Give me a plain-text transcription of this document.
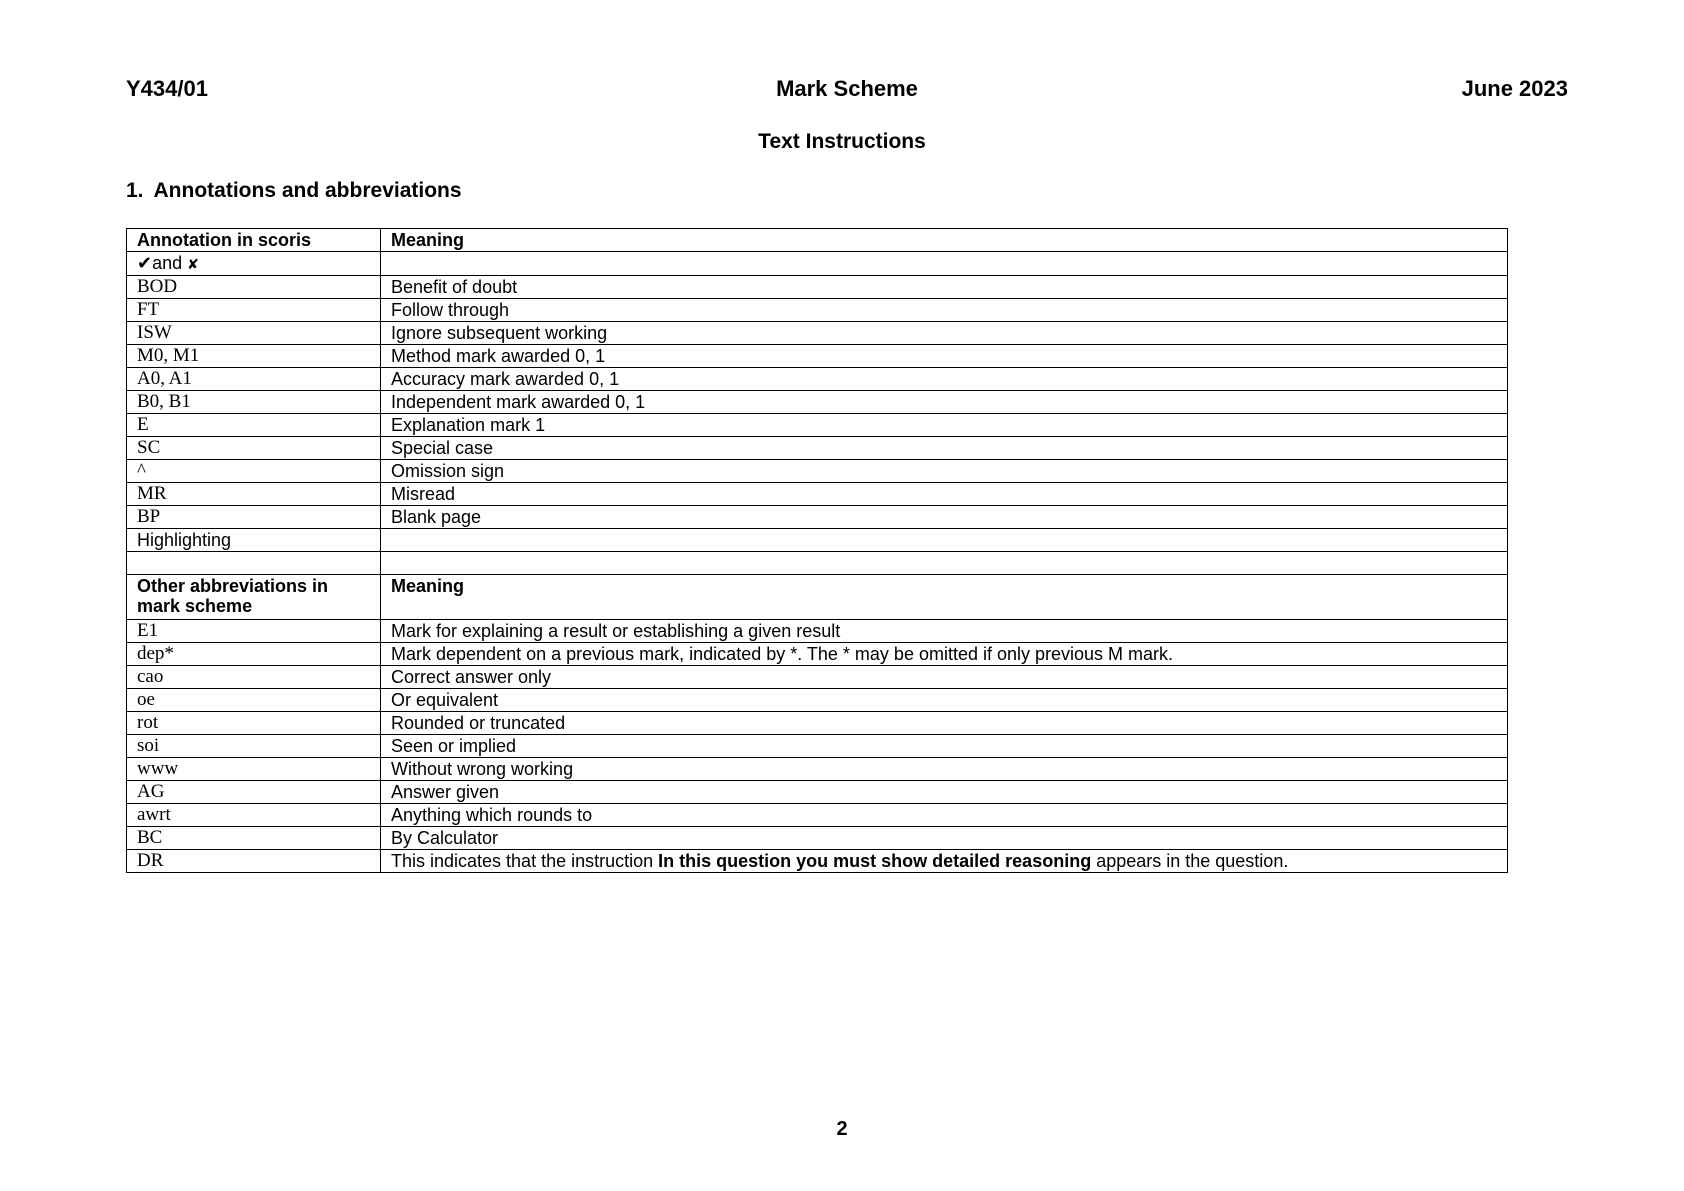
Y434/01	Mark Scheme	June 2023
Text Instructions
1. Annotations and abbreviations
Annotation in scoris	Meaning
✔and ✘	
BOD	Benefit of doubt
FT	Follow through
ISW	Ignore subsequent working
M0, M1	Method mark awarded 0, 1
A0, A1	Accuracy mark awarded 0, 1
B0, B1	Independent mark awarded 0, 1
E	Explanation mark 1
SC	Special case
^	Omission sign
MR	Misread
BP	Blank page
Highlighting	

Other abbreviations in mark scheme	Meaning
E1	Mark for explaining a result or establishing a given result
dep*	Mark dependent on a previous mark, indicated by *. The * may be omitted if only previous M mark.
cao	Correct answer only
oe	Or equivalent
rot	Rounded or truncated
soi	Seen or implied
www	Without wrong working
AG	Answer given
awrt	Anything which rounds to
BC	By Calculator
DR	This indicates that the instruction In this question you must show detailed reasoning appears in the question.
2
